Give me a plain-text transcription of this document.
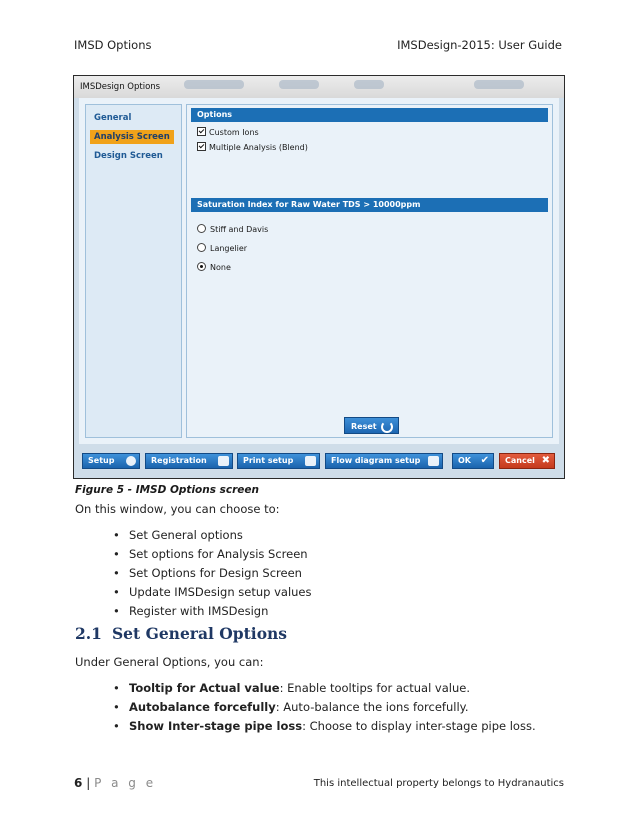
IMSD Options	IMSDesign-2015: User Guide
IMSDesign Options
General
Analysis Screen
Design Screen
Options
Custom Ions
Multiple Analysis (Blend)
Saturation Index for Raw Water TDS > 10000ppm
Stiff and Davis
Langelier
None
Reset
Setup	Registration	Print setup	Flow diagram setup	OK ✔	Cancel ✖
Figure 5 - IMSD Options screen
On this window, you can choose to:
• Set General options
• Set options for Analysis Screen
• Set Options for Design Screen
• Update IMSDesign setup values
• Register with IMSDesign
2.1 Set General Options
Under General Options, you can:
• Tooltip for Actual value: Enable tooltips for actual value.
• Autobalance forcefully: Auto-balance the ions forcefully.
• Show Inter-stage pipe loss: Choose to display inter-stage pipe loss.
6 | P a g e	This intellectual property belongs to Hydranautics
